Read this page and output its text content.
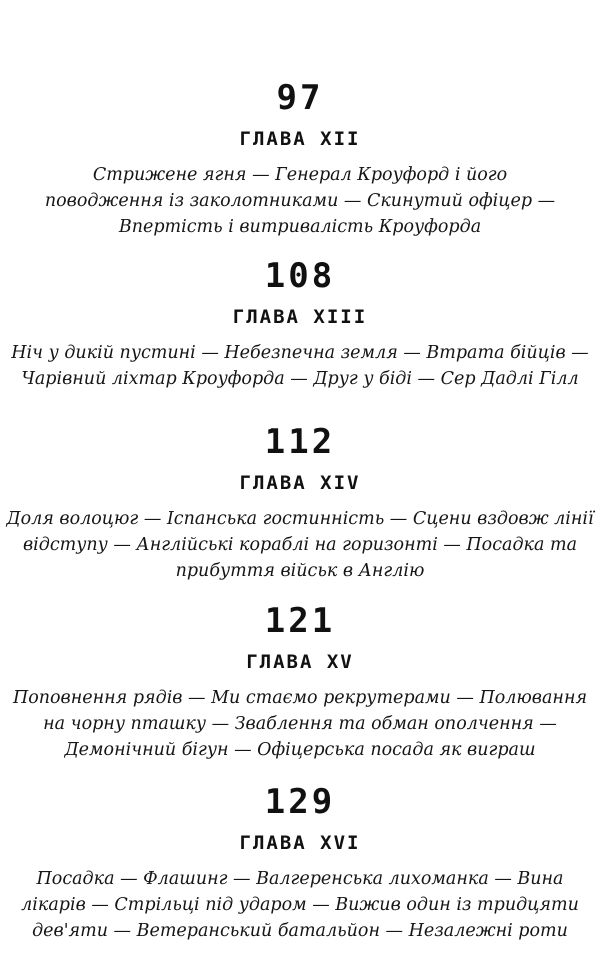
97
ГЛАВА XII
Стрижене ягня — Генерал Кроуфорд і його
поводження із заколотниками — Скинутий офіцер —
Впертість і витривалість Кроуфорда
108
ГЛАВА XIII
Ніч у дикій пустині — Небезпечна земля — Втрата бійців —
Чарівний ліхтар Кроуфорда — Друг у біді — Сер Дадлі Гілл
112
ГЛАВА XIV
Доля волоцюг — Іспанська гостинність — Сцени вздовж лінії
відступу — Англійські кораблі на горизонті — Посадка та
прибуття військ в Англію
121
ГЛАВА XV
Поповнення рядів — Ми стаємо рекрутерами — Полювання
на чорну пташку — Зваблення та обман ополчення —
Демонічний бігун — Офіцерська посада як виграш
129
ГЛАВА XVI
Посадка — Флашинг — Валгеренська лихоманка — Вина
лікарів — Стрільці під ударом — Вижив один із тридцяти
дев'яти — Ветеранський батальйон — Незалежні роти
